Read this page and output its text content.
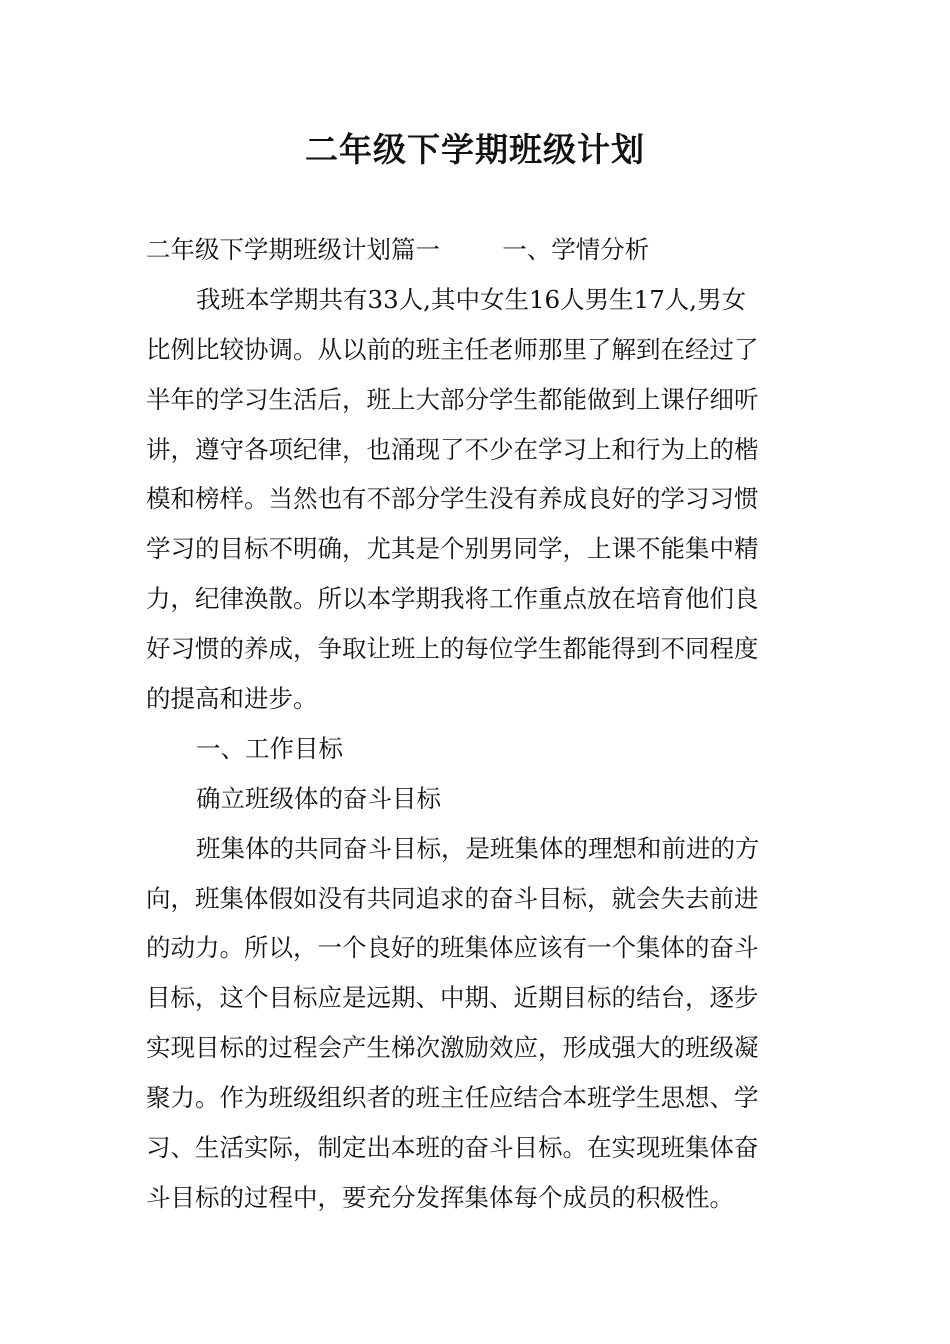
二年级下学期班级计划
二年级下学期班级计划篇一        一、学情分析
我班本学期共有33人,其中女生16人男生17人,男女
比例比较协调。从以前的班主任老师那里了解到在经过了
半年的学习生活后，班上大部分学生都能做到上课仔细听
讲，遵守各项纪律，也涌现了不少在学习上和行为上的楷
模和榜样。当然也有不部分学生没有养成良好的学习习惯
学习的目标不明确，尤其是个别男同学，上课不能集中精
力，纪律涣散。所以本学期我将工作重点放在培育他们良
好习惯的养成，争取让班上的每位学生都能得到不同程度
的提高和进步。
一、工作目标
确立班级体的奋斗目标
班集体的共同奋斗目标，是班集体的理想和前进的方
向，班集体假如没有共同追求的奋斗目标，就会失去前进
的动力。所以，一个良好的班集体应该有一个集体的奋斗
目标，这个目标应是远期、中期、近期目标的结台，逐步
实现目标的过程会产生梯次激励效应，形成强大的班级凝
聚力。作为班级组织者的班主任应结合本班学生思想、学
习、生活实际，制定出本班的奋斗目标。在实现班集体奋
斗目标的过程中，要充分发挥集体每个成员的积极性。
